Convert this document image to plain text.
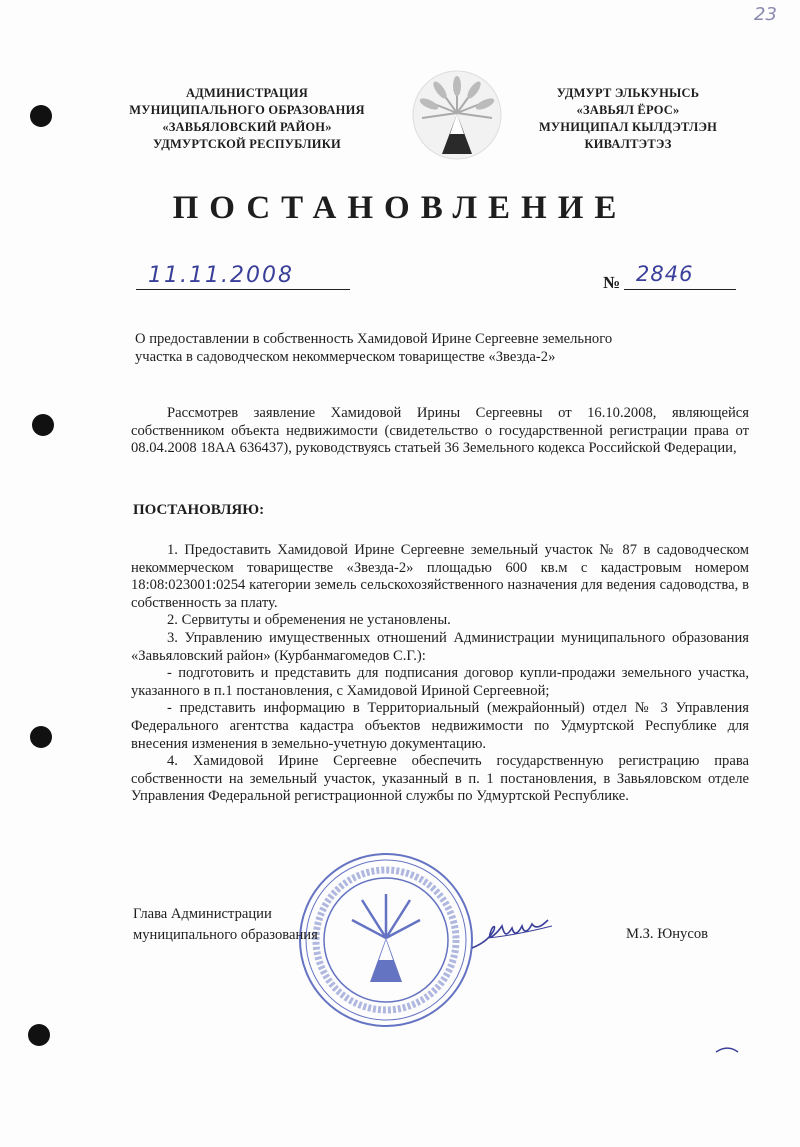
23
АДМИНИСТРАЦИЯ
МУНИЦИПАЛЬНОГО ОБРАЗОВАНИЯ
«ЗАВЬЯЛОВСКИЙ РАЙОН»
УДМУРТСКОЙ РЕСПУБЛИКИ
УДМУРТ ЭЛЬКУНЫСЬ
«ЗАВЬЯЛ ЁРОС»
МУНИЦИПАЛ КЫЛДЭТЛЭН
КИВАЛТЭТЭЗ
ПОСТАНОВЛЕНИЕ
11.11.2008	№ 2846
О предоставлении в собственность Хамидовой Ирине Сергеевне земельного
участка в садоводческом некоммерческом товариществе «Звезда-2»
Рассмотрев заявление Хамидовой Ирины Сергеевны от 16.10.2008, являющейся собственником объекта недвижимости (свидетельство о государственной регистрации права от 08.04.2008 18АА 636437), руководствуясь статьей 36 Земельного кодекса Российской Федерации,
ПОСТАНОВЛЯЮ:
1. Предоставить Хамидовой Ирине Сергеевне земельный участок № 87 в садоводческом некоммерческом товариществе «Звезда-2» площадью 600 кв.м с кадастровым номером 18:08:023001:0254 категории земель сельскохозяйственного назначения для ведения садоводства, в собственность за плату.
2. Сервитуты и обременения не установлены.
3. Управлению имущественных отношений Администрации муниципального образования «Завьяловский район» (Курбанмагомедов С.Г.):
- подготовить и представить для подписания договор купли-продажи земельного участка, указанного в п.1 постановления, с Хамидовой Ириной Сергеевной;
- представить информацию в Территориальный (межрайонный) отдел № 3 Управления Федерального агентства кадастра объектов недвижимости по Удмуртской Республике для внесения изменения в земельно-учетную документацию.
4. Хамидовой Ирине Сергеевне обеспечить государственную регистрацию права собственности на земельный участок, указанный в п. 1 постановления, в Завьяловском отделе Управления Федеральной регистрационной службы по Удмуртской Республике.
Глава Администрации
муниципального образования	М.З. Юнусов
